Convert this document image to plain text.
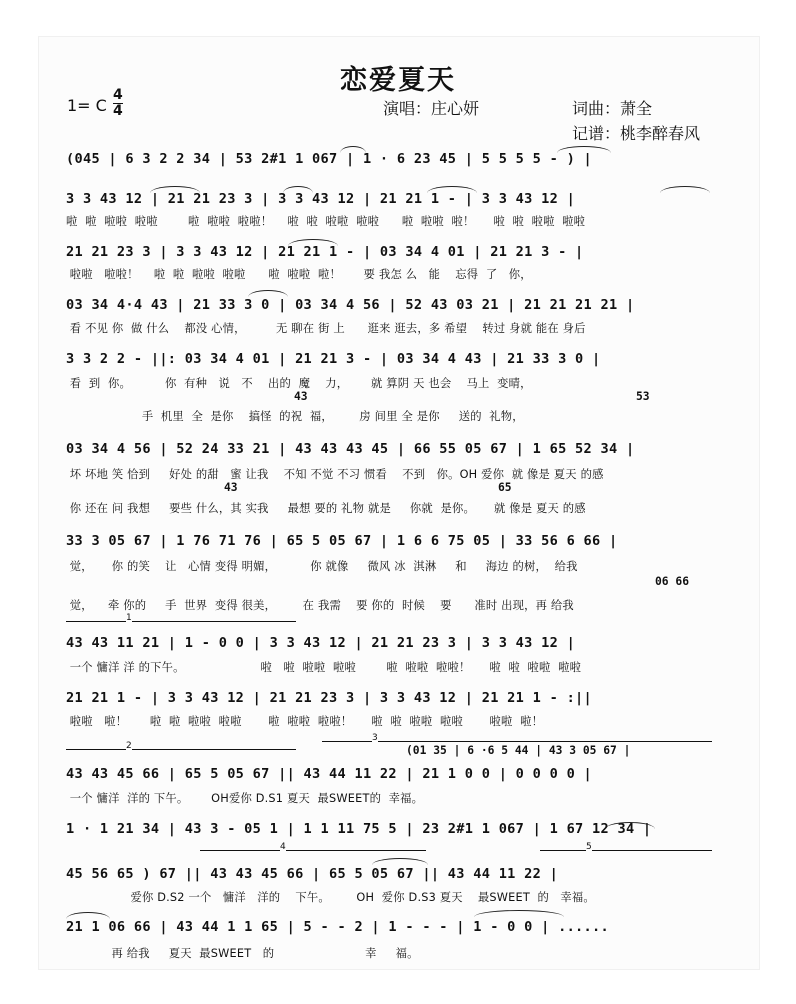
恋爱夏天
1= C
4
4	演唱：庄心妍	词曲：萧全
记谱：桃李醉春风
(045 | 6 3 2 2 34 | 53 2#1 1 067 | 1 · 6 23 45 | 5 5 5 5 - ) |
3 3 43 12 | 21 21 23 3 | 3 3 43 12 | 21 21 1 - | 3 3 43 12 |
啦  啦  啦啦  啦啦        啦  啦啦  啦啦！    啦  啦  啦啦  啦啦      啦  啦啦  啦！     啦  啦  啦啦  啦啦
21 21 23 3 | 3 3 43 12 | 21 21 1 - | 03 34 4 01 | 21 21 3 - |
啦啦   啦啦！    啦  啦  啦啦  啦啦      啦  啦啦  啦！      要 我怎 么   能    忘得  了   你，
03 34 4·4 43 | 21 33 3 0 | 03 34 4 56 | 52 43 03 21 | 21 21 21 21 |
看 不见 你  做 什么    都没 心情，        无 聊在 街 上      逛来 逛去，多 希望    转过 身就 能在 身后
3 3 2 2 - ||: 03 34 4 01 | 21 21 3 - | 03 34 4 43 | 21 33 3 0 |
看  到  你。         你  有种   说   不    出的  魔    力，      就 算阴 天 也会    马上  变晴，
43	53
手  机里  全  是你    搞怪  的祝  福，       房 间里 全 是你     送的  礼物，
03 34 4 56 | 52 24 33 21 | 43 43 43 45 | 66 55 05 67 | 1 65 52 34 |
坏 坏地 笑 恰到     好处 的甜   蜜 让我    不知 不觉 不习 惯看    不到   你。OH 爱你  就 像是 夏天 的感
43	65
你 还在 问 我想     要些 什么，其 实我     最想 要的 礼物 就是     你就  是你。     就 像是 夏天 的感
33 3 05 67 | 1 76 71 76 | 65 5 05 67 | 1 6 6 75 05 | 33 56 6 66 |
觉，     你 的笑    让   心情 变得 明媚，         你 就像     微风 冰  淇淋     和     海边 的树，  给我
06 66
觉，    牵 你的     手  世界  变得 很美，       在 我需    要 你的  时候    要      准时 出现，再 给我
1
43 43 11 21 | 1 - 0 0 | 3 3 43 12 | 21 21 23 3 | 3 3 43 12 |
一个 慵洋 洋 的下午。                    啦   啦  啦啦  啦啦        啦  啦啦  啦啦！     啦  啦  啦啦  啦啦
21 21 1 - | 3 3 43 12 | 21 21 23 3 | 3 3 43 12 | 21 21 1 - :||
啦啦   啦！      啦  啦  啦啦  啦啦       啦  啦啦  啦啦！     啦  啦  啦啦  啦啦       啦啦  啦！
2
3
(01 35 | 6 ·6 5 44 | 43 3 05 67 |
43 43 45 66 | 65 5 05 67 || 43 44 11 22 | 21 1 0 0 | 0 0 0 0 |
一个 慵洋  洋的 下午。      OH爱你 D.S1 夏天  最SWEET的  幸福。
1 · 1 21 34 | 43 3 - 05 1 | 1 1 11 75 5 | 23 2#1 1 067 | 1 67 12 34 |
4	5
45 56 65 ) 67 || 43 43 45 66 | 65 5 05 67 || 43 44 11 22 |
爱你 D.S2 一个   慵洋   洋的    下午。       OH  爱你 D.S3 夏天    最SWEET  的   幸福。
21 1 06 66 | 43 44 1 1 65 | 5 - - 2 | 1 - - - | 1 - 0 0 | ......
再 给我     夏天  最SWEET   的                        幸     福。
